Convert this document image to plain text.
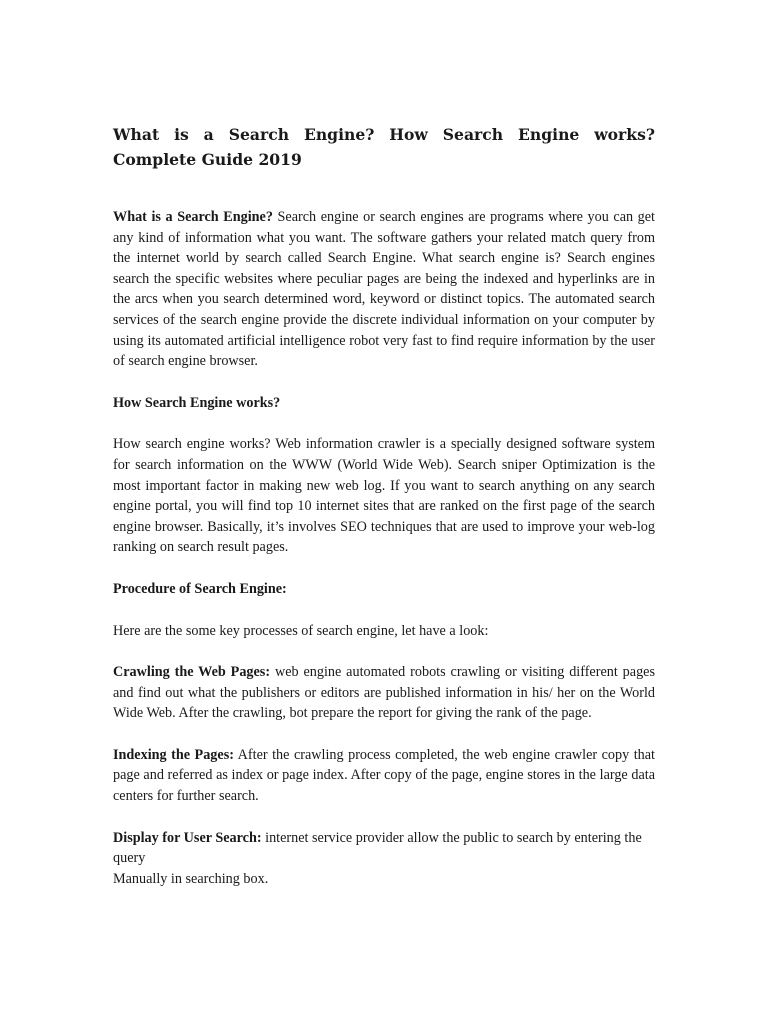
What is a Search Engine? How Search Engine works? Complete Guide 2019

What is a Search Engine? Search engine or search engines are programs where you can get any kind of information what you want. The software gathers your related match query from the internet world by search called Search Engine. What search engine is? Search engines search the specific websites where peculiar pages are being the indexed and hyperlinks are in the arcs when you search determined word, keyword or distinct topics. The automated search services of the search engine provide the discrete individual information on your computer by using its automated artificial intelligence robot very fast to find require information by the user of search engine browser.

How Search Engine works?

How search engine works? Web information crawler is a specially designed software system for search information on the WWW (World Wide Web). Search sniper Optimization is the most important factor in making new web log. If you want to search anything on any search engine portal, you will find top 10 internet sites that are ranked on the first page of the search engine browser. Basically, it’s involves SEO techniques that are used to improve your web-log ranking on search result pages.

Procedure of Search Engine:

Here are the some key processes of search engine, let have a look:

Crawling the Web Pages: web engine automated robots crawling or visiting different pages and find out what the publishers or editors are published information in his/ her on the World Wide Web. After the crawling, bot prepare the report for giving the rank of the page.

Indexing the Pages: After the crawling process completed, the web engine crawler copy that page and referred as index or page index. After copy of the page, engine stores in the large data centers for further search.

Display for User Search: internet service provider allow the public to search by entering the query

Manually in searching box.
